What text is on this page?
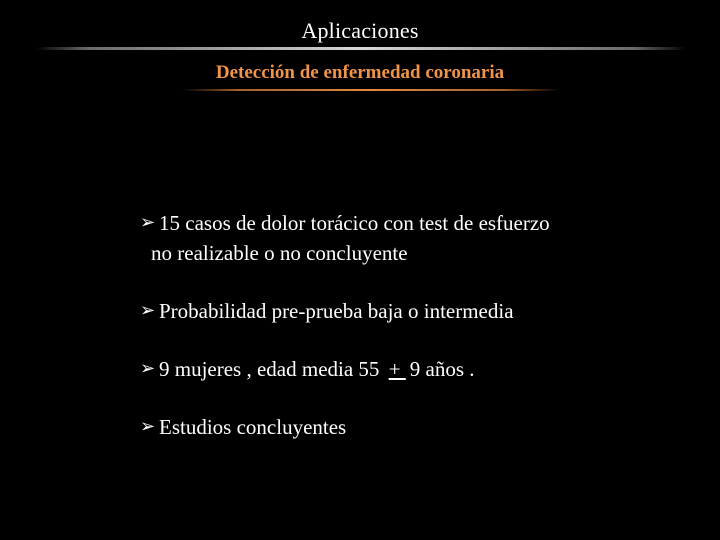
Aplicaciones
Detección de enfermedad coronaria
➢ 15 casos de dolor torácico con test de esfuerzo
no realizable o no concluyente
➢ Probabilidad pre-prueba baja o intermedia
➢ 9 mujeres , edad media 55 + 9 años .
➢ Estudios concluyentes
